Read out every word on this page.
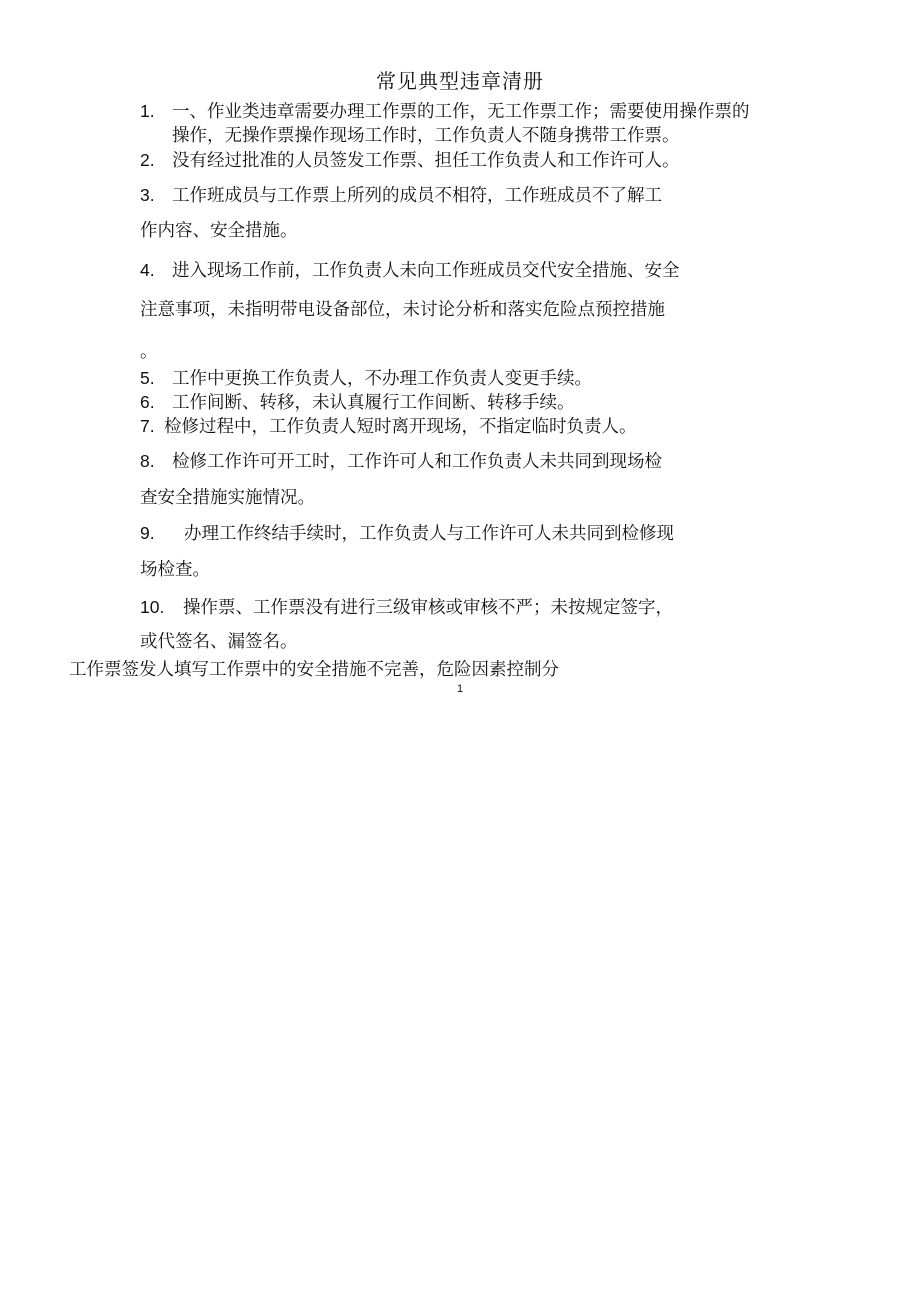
常见典型违章清册
1. 一、作业类违章需要办理工作票的工作，无工作票工作；需要使用操作票的
操作，无操作票操作现场工作时，工作负责人不随身携带工作票。
2. 没有经过批准的人员签发工作票、担任工作负责人和工作许可人。
3. 工作班成员与工作票上所列的成员不相符，工作班成员不了解工
作内容、安全措施。
4. 进入现场工作前，工作负责人未向工作班成员交代安全措施、安全
注意事项，未指明带电设备部位，未讨论分析和落实危险点预控措施
。
5. 工作中更换工作负责人，不办理工作负责人变更手续。
6. 工作间断、转移，未认真履行工作间断、转移手续。
7. 检修过程中，工作负责人短时离开现场，不指定临时负责人。
8. 检修工作许可开工时，工作许可人和工作负责人未共同到现场检
查安全措施实施情况。
9. 办理工作终结手续时，工作负责人与工作许可人未共同到检修现
场检查。
10. 操作票、工作票没有进行三级审核或审核不严；未按规定签字，
或代签名、漏签名。
工作票签发人填写工作票中的安全措施不完善，危险因素控制分
1
